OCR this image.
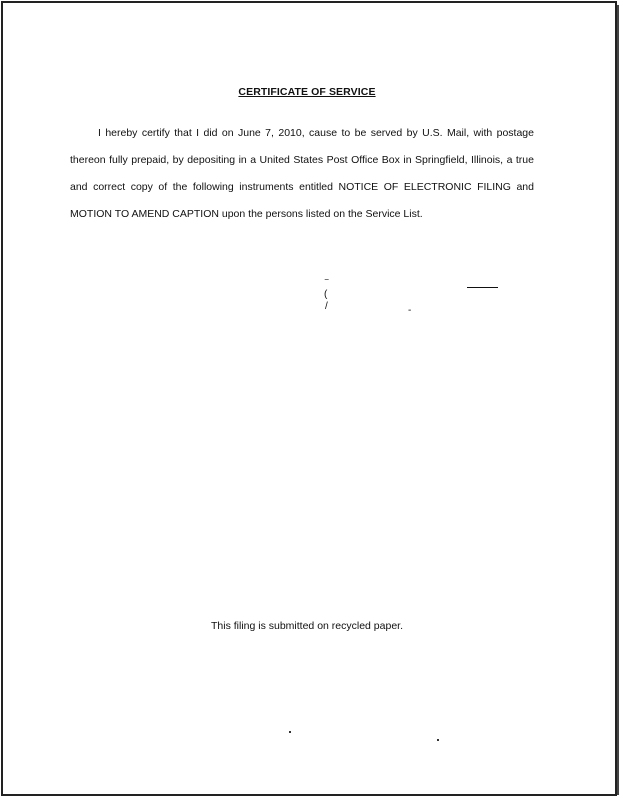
CERTIFICATE OF SERVICE

I hereby certify that I did on June 7, 2010, cause to be served by U.S. Mail, with postage thereon fully prepaid, by depositing in a United States Post Office Box in Springfield, Illinois, a true and correct copy of the following instruments entitled NOTICE OF ELECTRONIC FILING and MOTION TO AMEND CAPTION upon the persons listed on the Service List.

‾
(
/	-
This filing is submitted on recycled paper.
